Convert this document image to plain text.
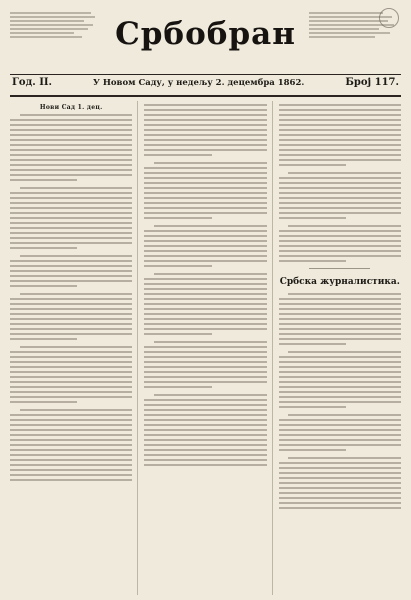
Србобран
Год. II.	У Новом Саду, у недељу 2. децембра 1862.	Број 117.
Нови Сад 1. дец.
Србска журналистика.
